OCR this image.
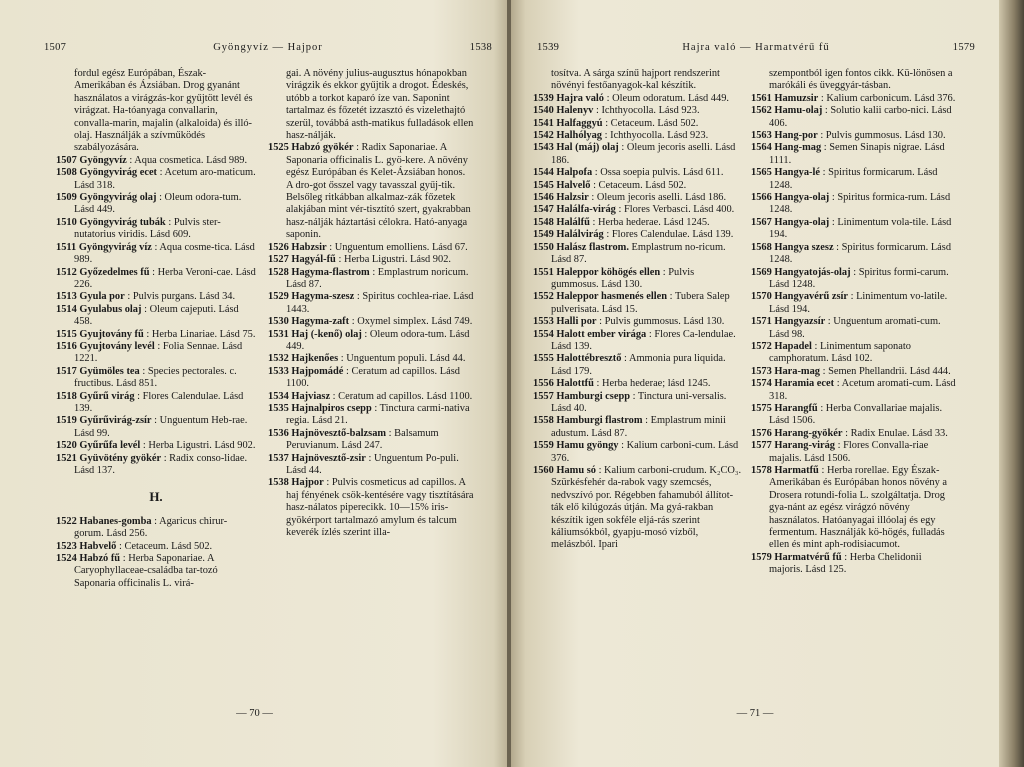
1507	Gyöngyvíz — Hajpor	1538

fordul egész Európában, Észak-Amerikában és Ázsiában. Drog gyanánt használatos a virágzás-kor gyűjtött levél és virágzat. Ha-tóanyaga convallarin, convalla-marin, majalin (alkaloida) és illó-olaj. Használják a szívműködés szabályozására.

1507 Gyöngyvíz : Aqua cosmetica. Lásd 989.

1508 Gyöngyvirág ecet : Acetum aro-maticum. Lásd 318.

1509 Gyöngyvirág olaj : Oleum odora-tum. Lásd 449.

1510 Gyöngyvirág tubák : Pulvis ster-nutatorius viridis. Lásd 609.

1511 Gyöngyvirág víz : Aqua cosme-tica. Lásd 989.

1512 Győzedelmes fű : Herba Veroni-cae. Lásd 226.

1513 Gyula por : Pulvis purgans. Lásd 34.

1514 Gyulabus olaj : Oleum cajeputi. Lásd 458.

1515 Gyujtovány fű : Herba Linariae. Lásd 75.

1516 Gyujtovány levél : Folia Sennae. Lásd 1221.

1517 Gyümöles tea : Species pectorales. c. fructibus. Lásd 851.

1518 Gyűrű virág : Flores Calendulae. Lásd 139.

1519 Gyűrűvirág-zsír : Unguentum Heb-rae. Lásd 99.

1520 Gyűrűfa levél : Herba Ligustri. Lásd 902.

1521 Gyüvötény gyökér : Radix conso-lidae. Lásd 137.

H.

1522 Habanes-gomba : Agaricus chirur-gorum. Lásd 256.

1523 Habvelő : Cetaceum. Lásd 502.

1524 Habzó fű : Herba Saponariae. A Caryophyllaceae-családba tar-tozó Saponaria officinalis L. virá-

gai. A növény julius-augusztus hónapokban virágzik és ekkor gyűjtik a drogot. Édeskés, utóbb a torkot kaparó íze van. Saponint tartalmaz és főzetét izzasztó és vizelethajtó szerül, továbbá asth-matikus fulladások ellen hasz-nálják.

1525 Habzó gyökér : Radix Saponariae. A Saponaria officinalis L. gyö-kere. A növény egész Európában és Kelet-Ázsiában honos. A dro-got ősszel vagy tavasszal gyűj-tik. Belsőleg ritkábban alkalmaz-zák főzetek alakjában mint vér-tisztító szert, gyakrabban hasz-nálják háztartási célokra. Ható-anyaga saponin.

1526 Habzsir : Unguentum emolliens. Lásd 67.

1527 Hagyál-fű : Herba Ligustri. Lásd 902.

1528 Hagyma-flastrom : Emplastrum noricum. Lásd 87.

1529 Hagyma-szesz : Spiritus cochlea-riae. Lásd 1443.

1530 Hagyma-zaft : Oxymel simplex. Lásd 749.

1531 Haj (-kenő) olaj : Oleum odora-tum. Lásd 449.

1532 Hajkenőes : Unguentum populi. Lásd 44.

1533 Hajpomádé : Ceratum ad capillos. Lásd 1100.

1534 Hajviasz : Ceratum ad capillos. Lásd 1100.

1535 Hajnalpiros csepp : Tinctura carmi-nativa regia. Lásd 21.

1536 Hajnövesztő-balzsam : Balsamum Peruvianum. Lásd 247.

1537 Hajnövesztő-zsir : Unguentum Po-puli. Lásd 44.

1538 Hajpor : Pulvis cosmeticus ad capillos. A haj fényének csök-kentésére vagy tisztítására hasz-nálatos piperecikk. 10—15% iris-gyökérport tartalmazó amylum és talcum keverék ízlés szerint illa-

— 70 —
1539	Hajra való — Harmatvérű fű	1579

tosítva. A sárga színű hajport rendszerint növényi festőanyagok-kal készítik.

1539 Hajra való : Oleum odoratum. Lásd 449.

1540 Halenyv : Ichthyocolla. Lásd 923.

1541 Halfaggyú : Cetaceum. Lásd 502.

1542 Halhólyag : Ichthyocolla. Lásd 923.

1543 Hal (máj) olaj : Oleum jecoris aselli. Lásd 186.

1544 Halpofa : Ossa soepia pulvis. Lásd 611.

1545 Halvelő : Cetaceum. Lásd 502.

1546 Halzsir : Oleum jecoris aselli. Lásd 186.

1547 Halálfa-virág : Flores Verbasci. Lásd 400.

1548 Halálfű : Herba hederae. Lásd 1245.

1549 Halálvirág : Flores Calendulae. Lásd 139.

1550 Halász flastrom. Emplastrum no-ricum. Lásd 87.

1551 Haleppor köhögés ellen : Pulvis gummosus. Lásd 130.

1552 Haleppor hasmenés ellen : Tubera Salep pulverisata. Lásd 15.

1553 Halli por : Pulvis gummosus. Lásd 130.

1554 Halott ember virága : Flores Ca-lendulae. Lásd 139.

1555 Halottébresztő : Ammonia pura liquida. Lásd 179.

1556 Halottfű : Herba hederae; lásd 1245.

1557 Hamburgi csepp : Tinctura uni-versalis. Lásd 40.

1558 Hamburgi flastrom : Emplastrum minii adustum. Lásd 87.

1559 Hamu gyöngy : Kalium carboni-cum. Lásd 376.

1560 Hamu só : Kalium carboni-crudum. K₂CO₃. Szürkésfehér da-rabok vagy szemcsés, nedvszívó por. Régebben fahamuból állítot-ták elő kilúgozás útján. Ma gyá-rakban készítik igen sokféle eljá-rás szerint káliumsókból, gyapju-mosó vízből, melászból. Ipari

szempontból igen fontos cikk. Kü-lönösen a marókáli és üveggyár-tásban.

1561 Hamuzsir : Kalium carbonicum. Lásd 376.

1562 Hamu-olaj : Solutio kalii carbo-nici. Lásd 406.

1563 Hang-por : Pulvis gummosus. Lásd 130.

1564 Hang-mag : Semen Sinapis nigrae. Lásd 1111.

1565 Hangya-lé : Spiritus formicarum. Lásd 1248.

1566 Hangya-olaj : Spiritus formica-rum. Lásd 1248.

1567 Hangya-olaj : Linimentum vola-tile. Lásd 194.

1568 Hangya szesz : Spiritus formicarum. Lásd 1248.

1569 Hangyatojás-olaj : Spiritus formi-carum. Lásd 1248.

1570 Hangyavérű zsír : Linimentum vo-latile. Lásd 194.

1571 Hangyazsír : Unguentum aromati-cum. Lásd 98.

1572 Hapadel : Linimentum saponato camphoratum. Lásd 102.

1573 Hara-mag : Semen Phellandrii. Lásd 444.

1574 Haramia ecet : Acetum aromati-cum. Lásd 318.

1575 Harangfű : Herba Convallariae majalis. Lásd 1506.

1576 Harang-gyökér : Radix Enulae. Lásd 33.

1577 Harang-virág : Flores Convalla-riae majalis. Lásd 1506.

1578 Harmatfű : Herba rorellae. Egy Észak-Amerikában és Európában honos növény a Drosera rotundi-folia L. szolgáltatja. Drog gya-nánt az egész virágzó növény használatos. Hatóanyagai illóolaj és egy fermentum. Használják kö-högés, fulladás ellen és mint aph-rodisiacumot.

1579 Harmatvérű fű : Herba Chelidonii majoris. Lásd 125.

— 71 —
